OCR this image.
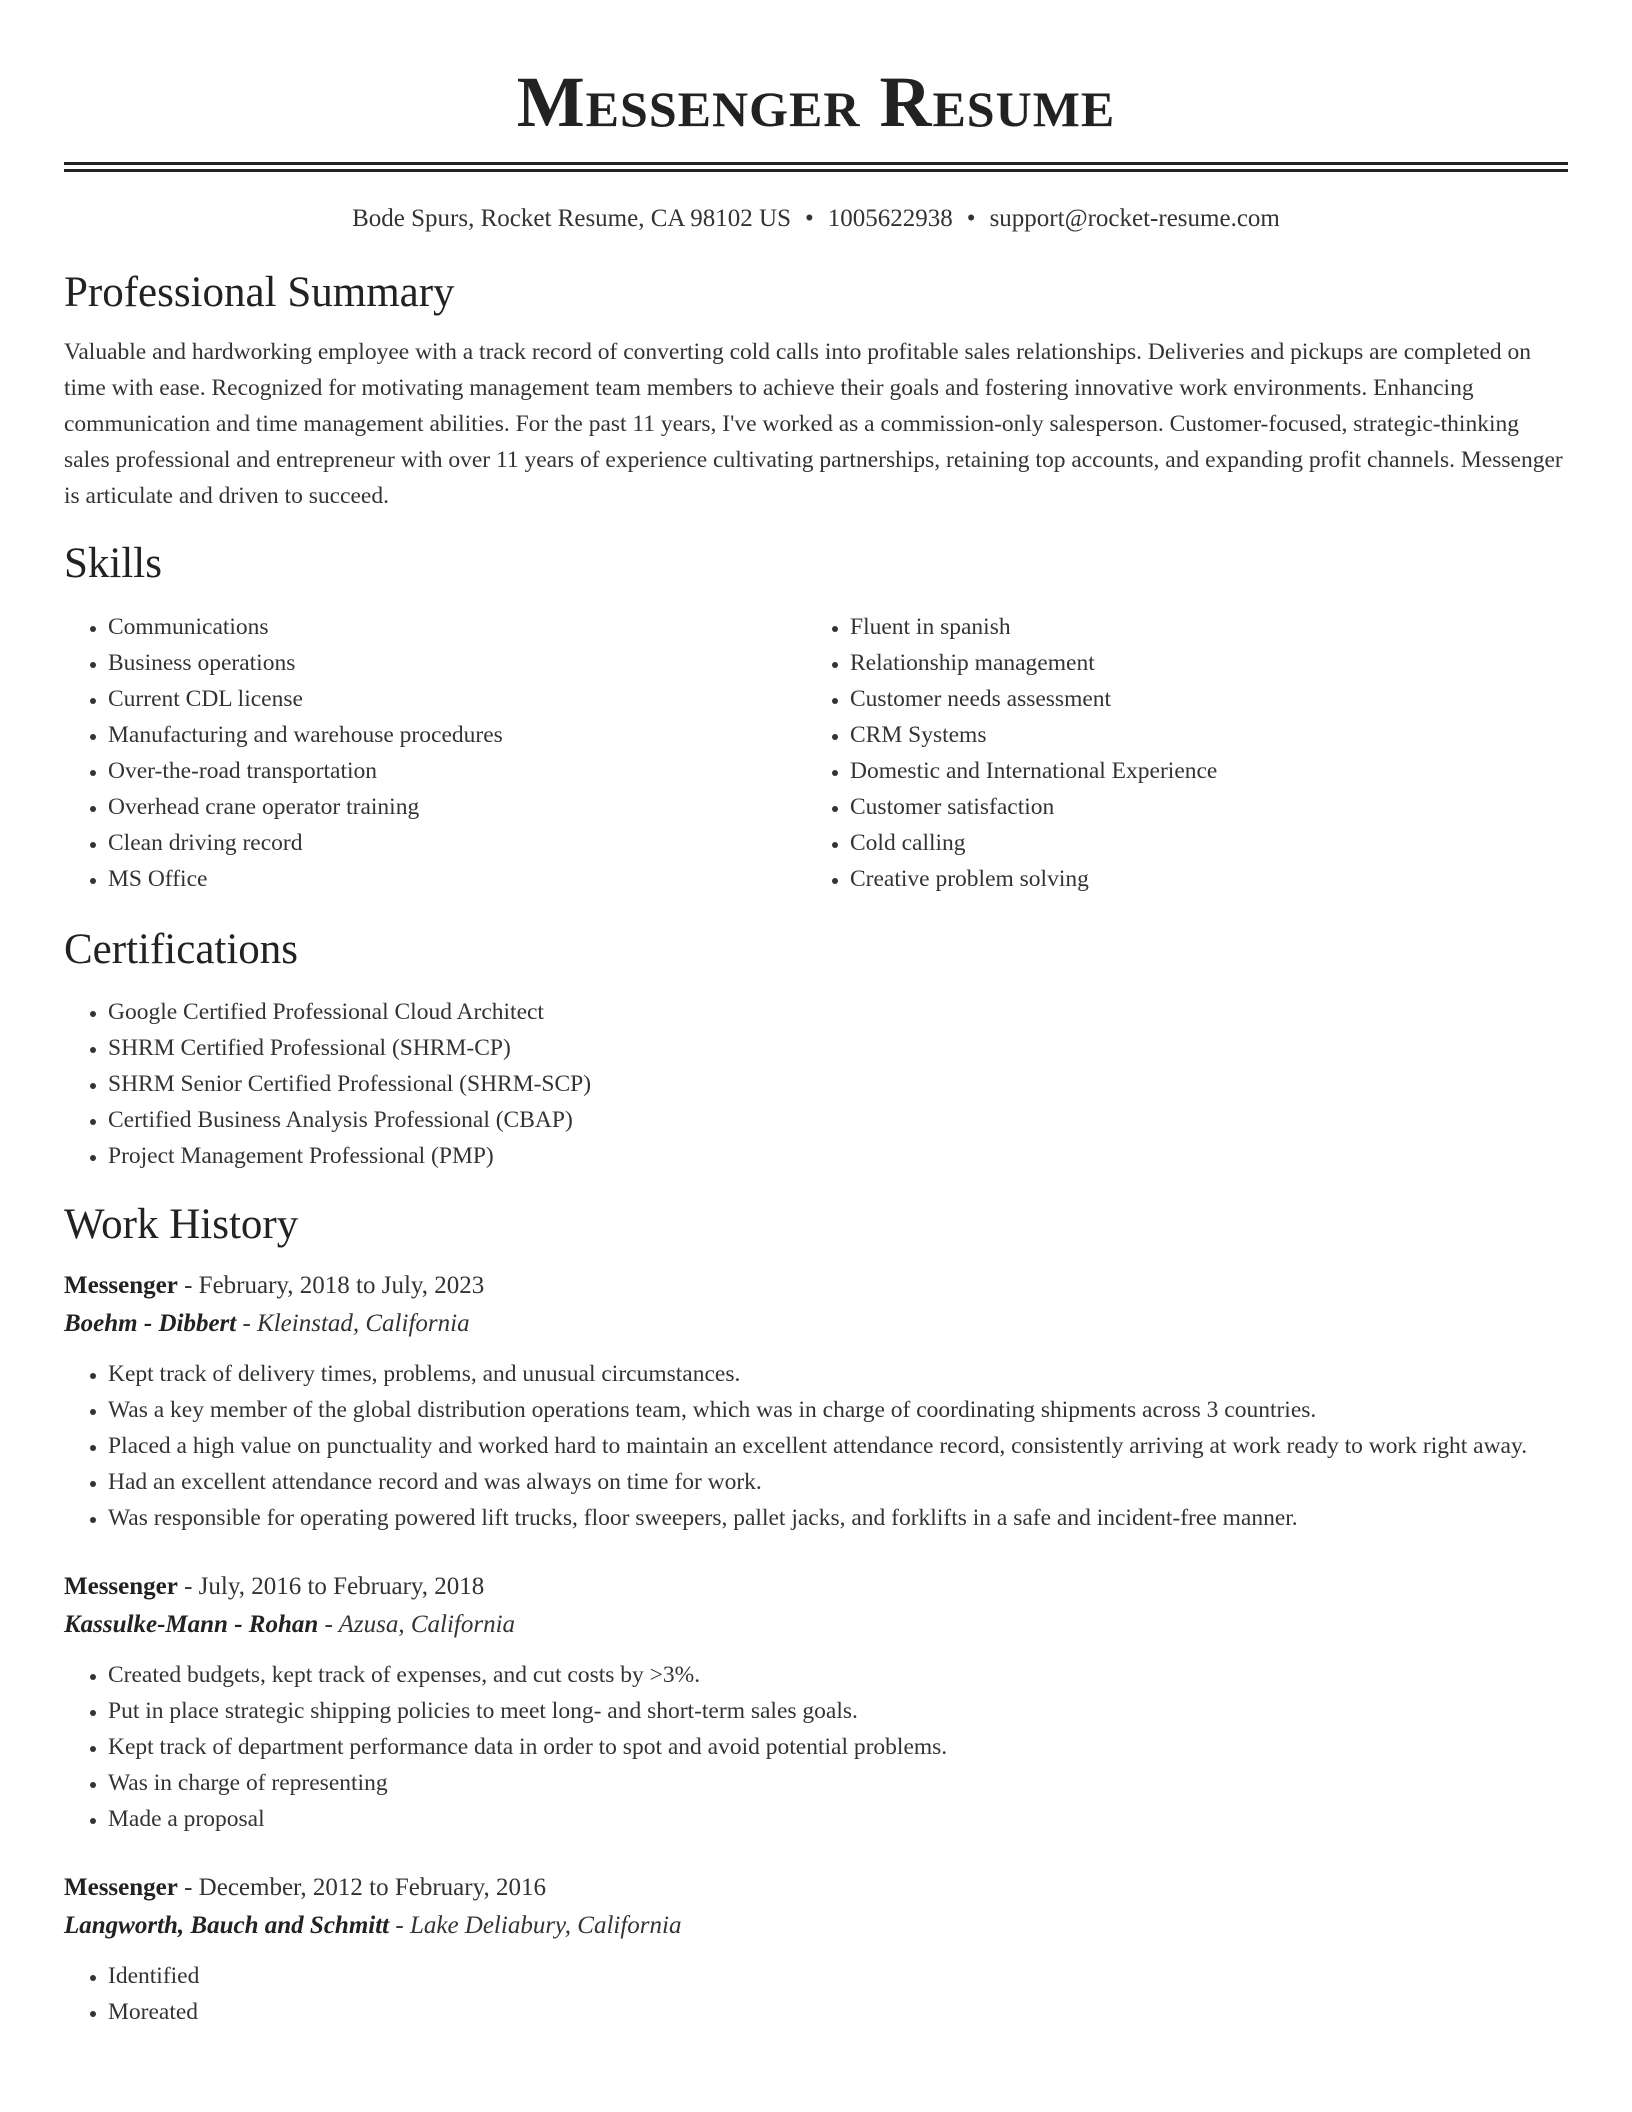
Messenger Resume
Bode Spurs, Rocket Resume, CA 98102 US • 1005622938 • support@rocket-resume.com
Professional Summary
Valuable and hardworking employee with a track record of converting cold calls into profitable sales relationships. Deliveries and pickups are completed on time with ease. Recognized for motivating management team members to achieve their goals and fostering innovative work environments. Enhancing communication and time management abilities. For the past 11 years, I've worked as a commission-only salesperson. Customer-focused, strategic-thinking sales professional and entrepreneur with over 11 years of experience cultivating partnerships, retaining top accounts, and expanding profit channels. Messenger is articulate and driven to succeed.
Skills
• Communications
• Business operations
• Current CDL license
• Manufacturing and warehouse procedures
• Over-the-road transportation
• Overhead crane operator training
• Clean driving record
• MS Office
• Fluent in spanish
• Relationship management
• Customer needs assessment
• CRM Systems
• Domestic and International Experience
• Customer satisfaction
• Cold calling
• Creative problem solving
Certifications
• Google Certified Professional Cloud Architect
• SHRM Certified Professional (SHRM-CP)
• SHRM Senior Certified Professional (SHRM-SCP)
• Certified Business Analysis Professional (CBAP)
• Project Management Professional (PMP)
Work History
Messenger - February, 2018 to July, 2023
Boehm - Dibbert - Kleinstad, California
• Kept track of delivery times, problems, and unusual circumstances.
• Was a key member of the global distribution operations team, which was in charge of coordinating shipments across 3 countries.
• Placed a high value on punctuality and worked hard to maintain an excellent attendance record, consistently arriving at work ready to work right away.
• Had an excellent attendance record and was always on time for work.
• Was responsible for operating powered lift trucks, floor sweepers, pallet jacks, and forklifts in a safe and incident-free manner.
Messenger - July, 2016 to February, 2018
Kassulke-Mann - Rohan - Azusa, California
• Created budgets, kept track of expenses, and cut costs by >3%.
• Put in place strategic shipping policies to meet long- and short-term sales goals.
• Kept track of department performance data in order to spot and avoid potential problems.
• Was in charge of representing
• Made a proposal
Messenger - December, 2012 to February, 2016
Langworth, Bauch and Schmitt - Lake Deliabury, California
• Identified
• Moreated
